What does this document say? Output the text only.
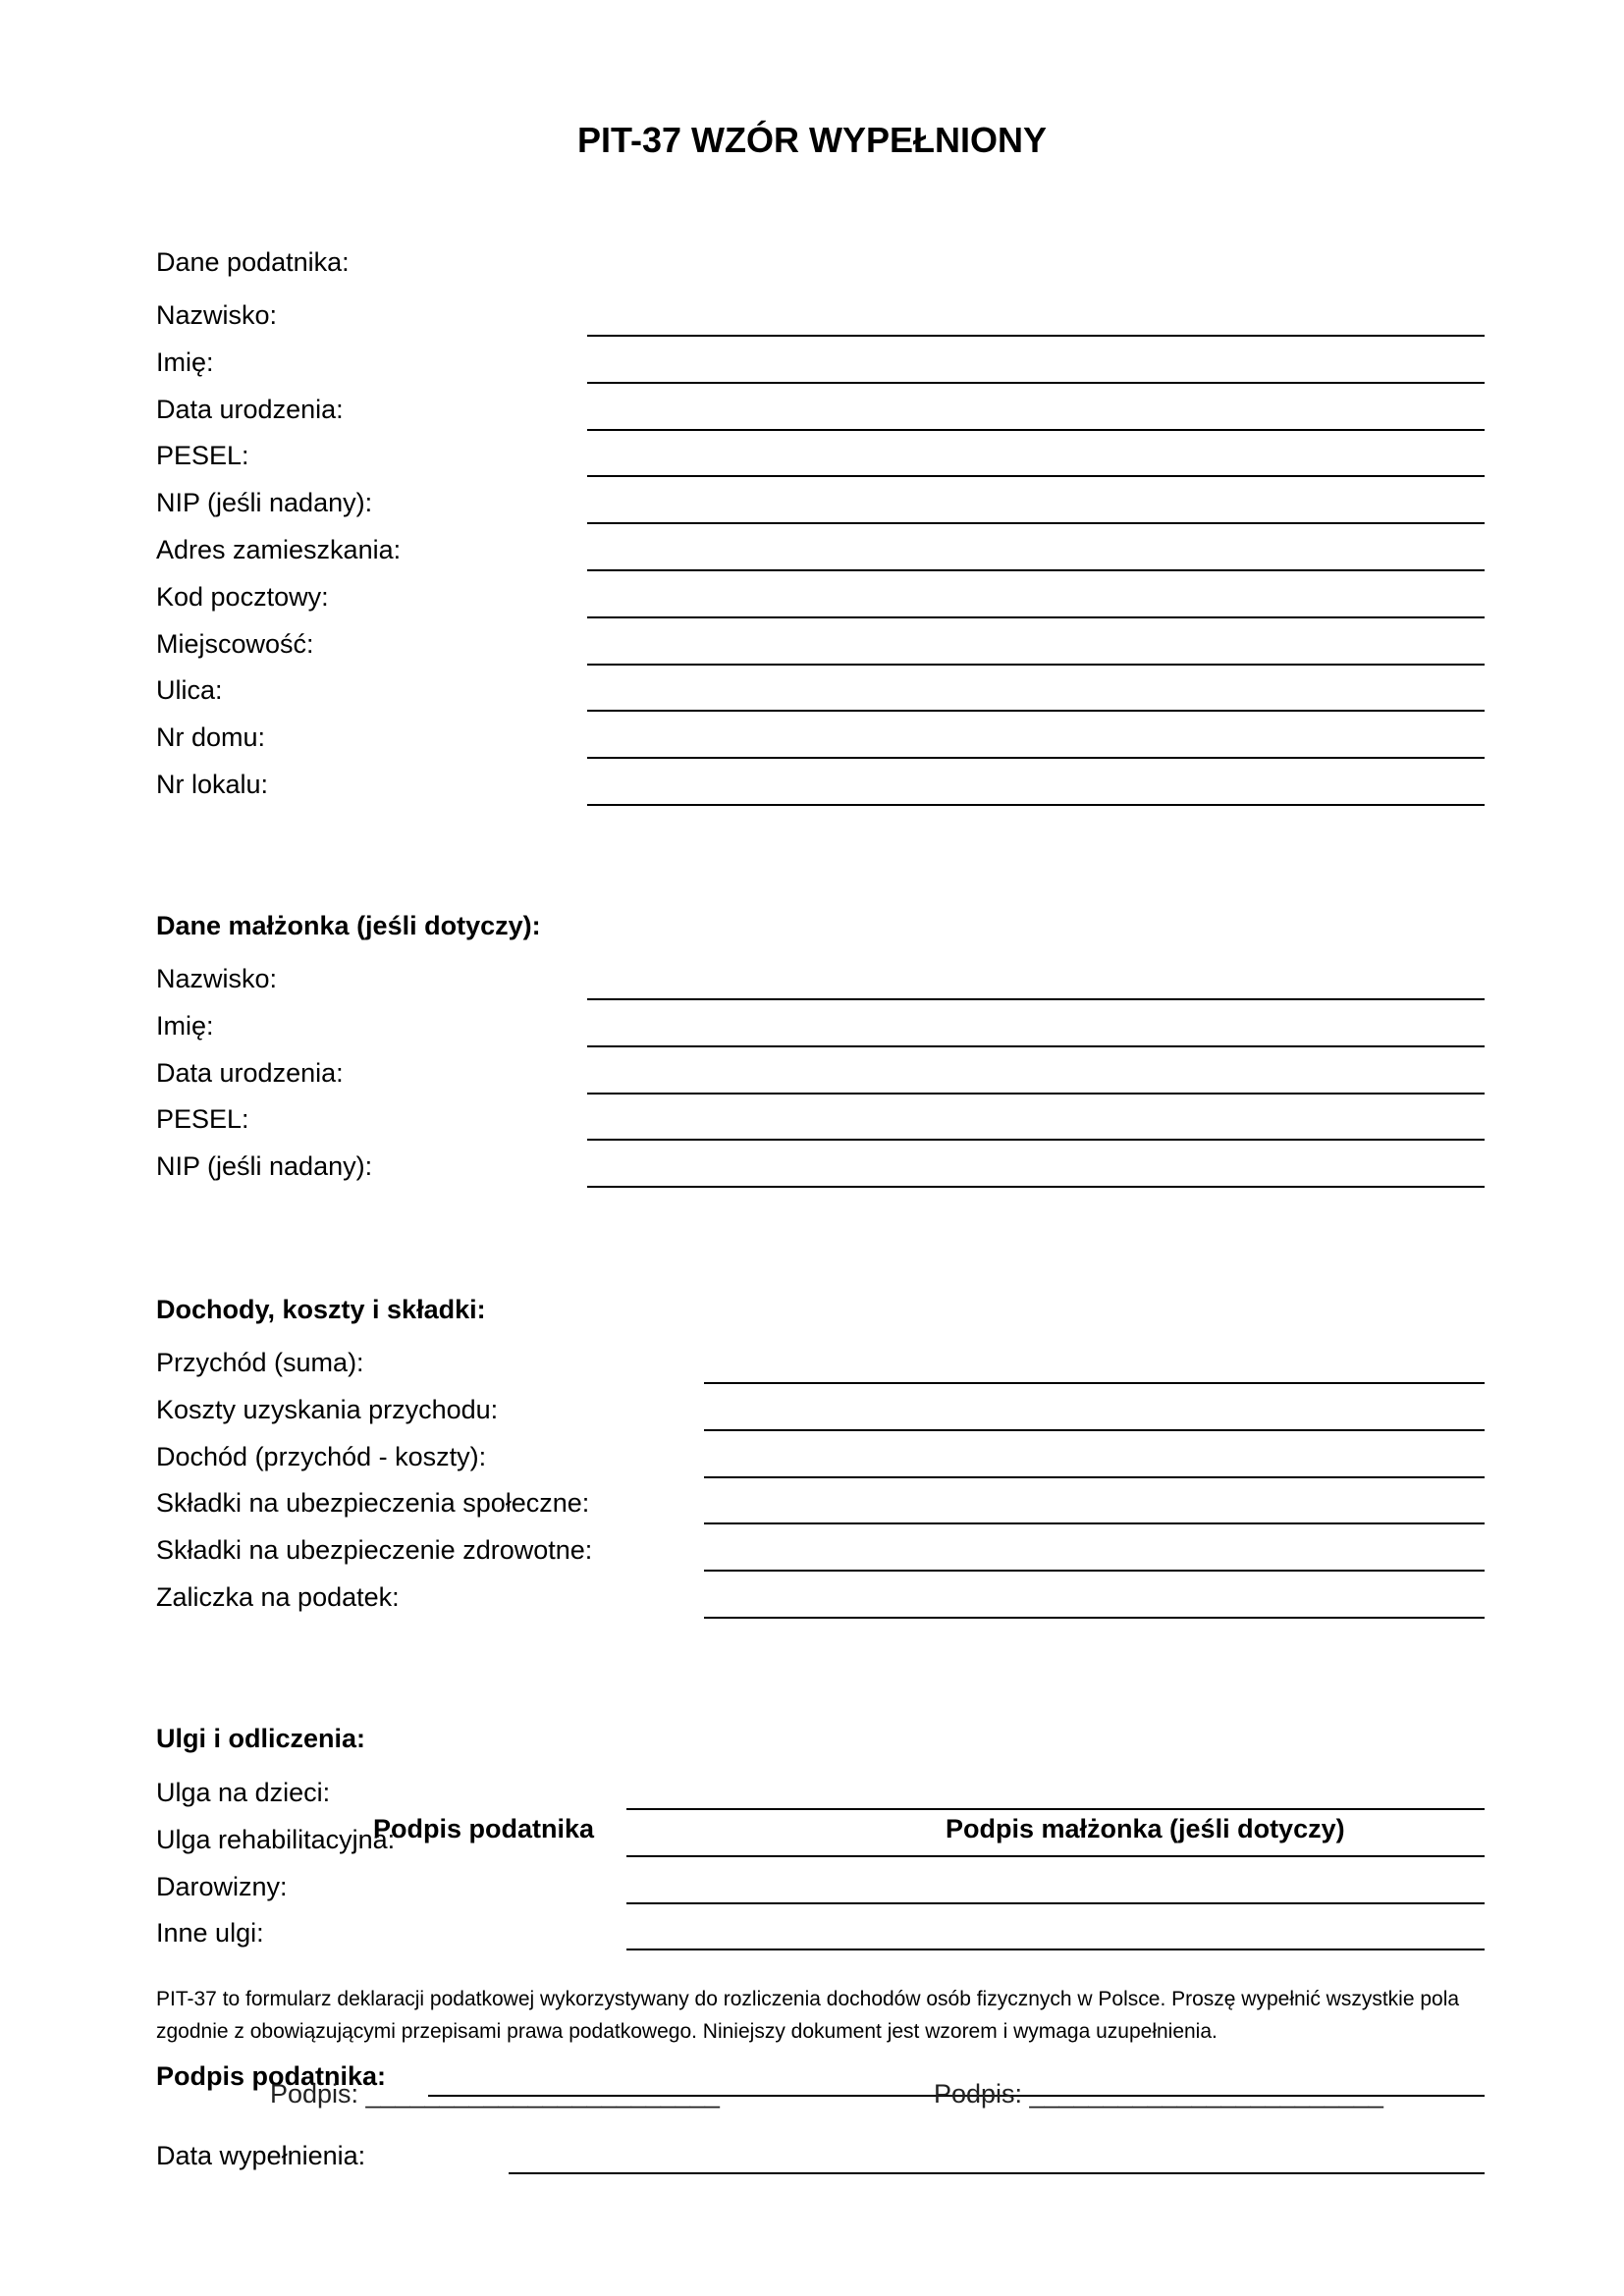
PIT-37 WZÓR WYPEŁNIONY
Dane podatnika:
Nazwisko:
Imię:
Data urodzenia:
PESEL:
NIP (jeśli nadany):
Adres zamieszkania:
Kod pocztowy:
Miejscowość:
Ulica:
Nr domu:
Nr lokalu:
Dane małżonka (jeśli dotyczy):
Nazwisko:
Imię:
Data urodzenia:
PESEL:
NIP (jeśli nadany):
Dochody, koszty i składki:
Przychód (suma):
Koszty uzyskania przychodu:
Dochód (przychód - koszty):
Składki na ubezpieczenia społeczne:
Składki na ubezpieczenie zdrowotne:
Zaliczka na podatek:
Ulgi i odliczenia:
Ulga na dzieci:
Ulga rehabilitacyjna:
Darowizny:
Inne ulgi:
Podpis podatnika	Podpis małżonka (jeśli dotyczy)
PIT-37 to formularz deklaracji podatkowej wykorzystywany do rozliczenia dochodów osób fizycznych w Polsce. Proszę wypełnić wszystkie pola zgodnie z obowiązującymi przepisami prawa podatkowego. Niniejszy dokument jest wzorem i wymaga uzupełnienia.
Podpis podatnika:
Podpis: ________________________	Podpis: ________________________
Data wypełnienia:
